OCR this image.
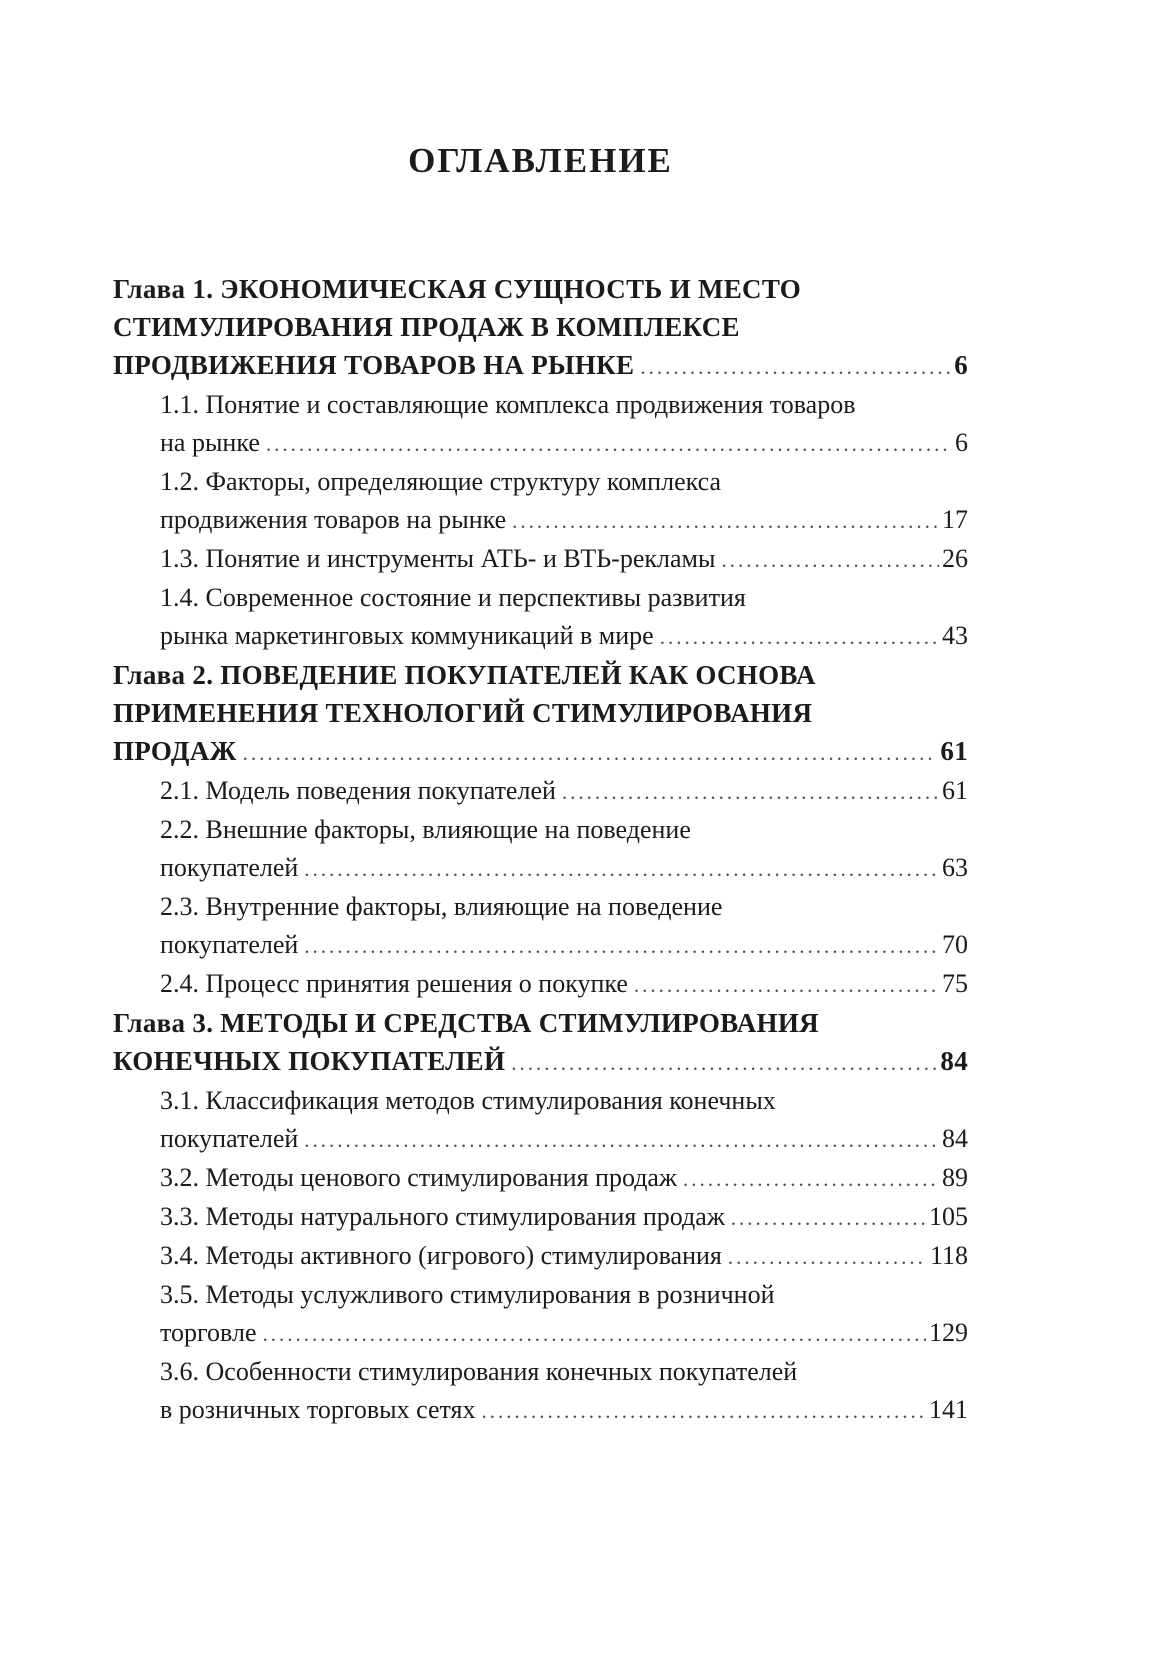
ОГЛАВЛЕНИЕ
Глава 1. ЭКОНОМИЧЕСКАЯ СУЩНОСТЬ И МЕСТО
СТИМУЛИРОВАНИЯ ПРОДАЖ В КОМПЛЕКСЕ
ПРОДВИЖЕНИЯ ТОВАРОВ НА РЫНКЕ .....	6
1.1. Понятие и составляющие комплекса продвижения товаров
на рынке .....	6
1.2. Факторы, определяющие структуру комплекса
продвижения товаров на рынке .....	17
1.3. Понятие и инструменты АТЬ- и ВТЬ-рекламы .....	26
1.4. Современное состояние и перспективы развития
рынка маркетинговых коммуникаций в мире .....	43
Глава 2. ПОВЕДЕНИЕ ПОКУПАТЕЛЕЙ КАК ОСНОВА
ПРИМЕНЕНИЯ ТЕХНОЛОГИЙ СТИМУЛИРОВАНИЯ
ПРОДАЖ .....	61
2.1. Модель поведения покупателей .....	61
2.2. Внешние факторы, влияющие на поведение
покупателей .....	63
2.3. Внутренние факторы, влияющие на поведение
покупателей .....	70
2.4. Процесс принятия решения о покупке .....	75
Глава 3. МЕТОДЫ И СРЕДСТВА СТИМУЛИРОВАНИЯ
КОНЕЧНЫХ ПОКУПАТЕЛЕЙ .....	84
3.1. Классификация методов стимулирования конечных
покупателей .....	84
3.2. Методы ценового стимулирования продаж .....	89
3.3. Методы натурального стимулирования продаж .....	105
3.4. Методы активного (игрового) стимулирования .....	118
3.5. Методы услужливого стимулирования в розничной
торговле .....	129
3.6. Особенности стимулирования конечных покупателей
в розничных торговых сетях .....	141
